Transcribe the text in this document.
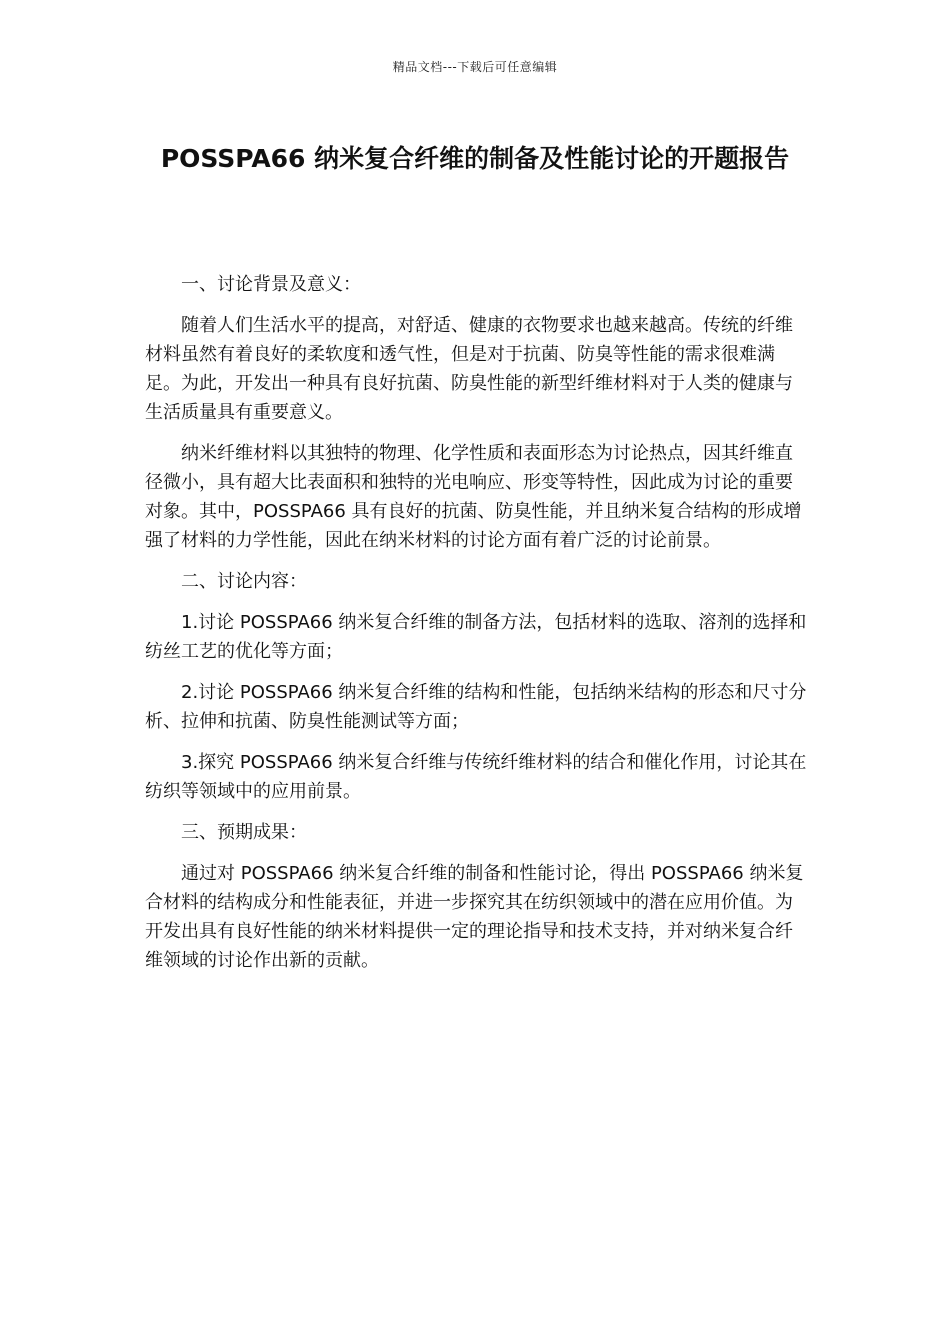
精品文档---下载后可任意编辑
POSSPA66 纳米复合纤维的制备及性能讨论的开题报告

一、讨论背景及意义：

随着人们生活水平的提高，对舒适、健康的衣物要求也越来越高。传统的纤维材料虽然有着良好的柔软度和透气性，但是对于抗菌、防臭等性能的需求很难满足。为此，开发出一种具有良好抗菌、防臭性能的新型纤维材料对于人类的健康与生活质量具有重要意义。

纳米纤维材料以其独特的物理、化学性质和表面形态为讨论热点，因其纤维直径微小，具有超大比表面积和独特的光电响应、形变等特性，因此成为讨论的重要对象。其中，POSSPA66 具有良好的抗菌、防臭性能，并且纳米复合结构的形成增强了材料的力学性能，因此在纳米材料的讨论方面有着广泛的讨论前景。

二、讨论内容：

1.讨论 POSSPA66 纳米复合纤维的制备方法，包括材料的选取、溶剂的选择和纺丝工艺的优化等方面；

2.讨论 POSSPA66 纳米复合纤维的结构和性能，包括纳米结构的形态和尺寸分析、拉伸和抗菌、防臭性能测试等方面；

3.探究 POSSPA66 纳米复合纤维与传统纤维材料的结合和催化作用，讨论其在纺织等领域中的应用前景。

三、预期成果：

通过对 POSSPA66 纳米复合纤维的制备和性能讨论，得出 POSSPA66 纳米复合材料的结构成分和性能表征，并进一步探究其在纺织领域中的潜在应用价值。为开发出具有良好性能的纳米材料提供一定的理论指导和技术支持，并对纳米复合纤维领域的讨论作出新的贡献。
